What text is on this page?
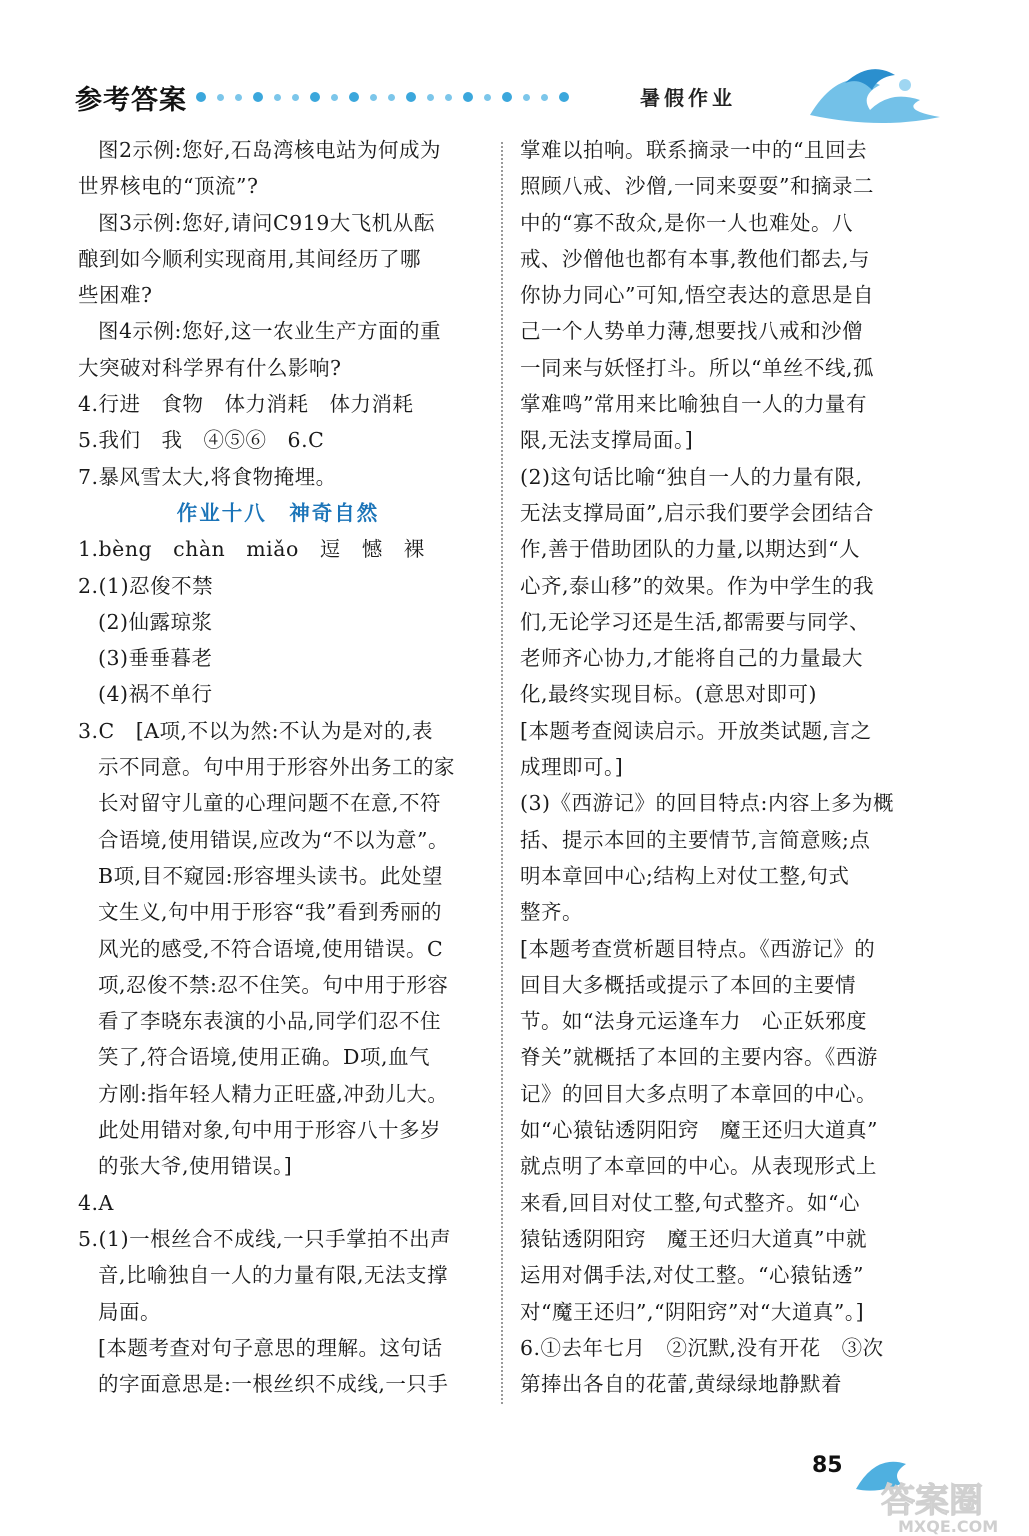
参考答案	暑假作业
图2示例:您好,石岛湾核电站为何成为
世界核电的“顶流”?
图3示例:您好,请问C919大飞机从酝
酿到如今顺利实现商用,其间经历了哪
些困难?
图4示例:您好,这一农业生产方面的重
大突破对科学界有什么影响?
4.行进　食物　体力消耗　体力消耗
5.我们　我　④⑤⑥　6.C
7.暴风雪太大,将食物掩埋。
作业十八　神奇自然
1.bèng　chàn　miǎo　逗　憾　裸
2.(1)忍俊不禁
(2)仙露琼浆
(3)垂垂暮老
(4)祸不单行
3.C　[A项,不以为然:不认为是对的,表
示不同意。句中用于形容外出务工的家
长对留守儿童的心理问题不在意,不符
合语境,使用错误,应改为“不以为意”。
B项,目不窥园:形容埋头读书。此处望
文生义,句中用于形容“我”看到秀丽的
风光的感受,不符合语境,使用错误。C
项,忍俊不禁:忍不住笑。句中用于形容
看了李晓东表演的小品,同学们忍不住
笑了,符合语境,使用正确。D项,血气
方刚:指年轻人精力正旺盛,冲劲儿大。
此处用错对象,句中用于形容八十多岁
的张大爷,使用错误。]
4.A
5.(1)一根丝合不成线,一只手掌拍不出声
音,比喻独自一人的力量有限,无法支撑
局面。
[本题考查对句子意思的理解。这句话
的字面意思是:一根丝织不成线,一只手
掌难以拍响。联系摘录一中的“且回去
照顾八戒、沙僧,一同来耍耍”和摘录二
中的“寡不敌众,是你一人也难处。八
戒、沙僧他也都有本事,教他们都去,与
你协力同心”可知,悟空表达的意思是自
己一个人势单力薄,想要找八戒和沙僧
一同来与妖怪打斗。所以“单丝不线,孤
掌难鸣”常用来比喻独自一人的力量有
限,无法支撑局面。]
(2)这句话比喻“独自一人的力量有限,
无法支撑局面”,启示我们要学会团结合
作,善于借助团队的力量,以期达到“人
心齐,泰山移”的效果。作为中学生的我
们,无论学习还是生活,都需要与同学、
老师齐心协力,才能将自己的力量最大
化,最终实现目标。(意思对即可)
[本题考查阅读启示。开放类试题,言之
成理即可。]
(3)《西游记》的回目特点:内容上多为概
括、提示本回的主要情节,言简意赅;点
明本章回中心;结构上对仗工整,句式
整齐。
[本题考查赏析题目特点。《西游记》的
回目大多概括或提示了本回的主要情
节。如“法身元运逢车力　心正妖邪度
脊关”就概括了本回的主要内容。《西游
记》的回目大多点明了本章回的中心。
如“心猿钻透阴阳窍　魔王还归大道真”
就点明了本章回的中心。从表现形式上
来看,回目对仗工整,句式整齐。如“心
猿钻透阴阳窍　魔王还归大道真”中就
运用对偶手法,对仗工整。“心猿钻透”
对“魔王还归”,“阴阳窍”对“大道真”。]
6.①去年七月　②沉默,没有开花　③次
第捧出各自的花蕾,黄绿绿地静默着
答案圈
MXQE.COM
85
